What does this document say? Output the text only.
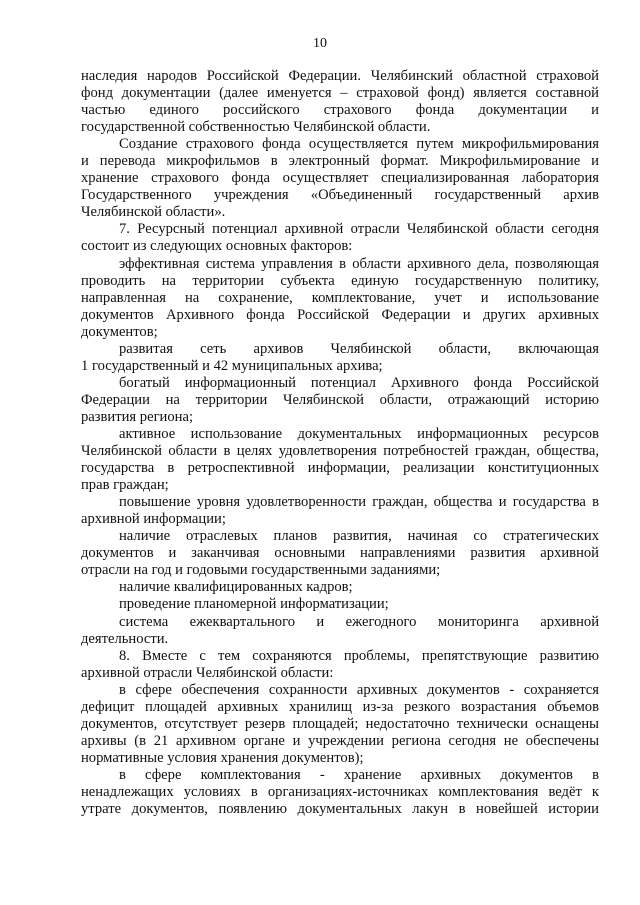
10
наследия народов Российской Федерации. Челябинский областной страховой
фонд документации (далее именуется – страховой фонд) является составной
частью единого российского страхового фонда документации и
государственной собственностью Челябинской области.
Создание страхового фонда осуществляется путем микрофильмирования
и перевода микрофильмов в электронный формат. Микрофильмирование и
хранение страхового фонда осуществляет специализированная лаборатория
Государственного учреждения «Объединенный государственный архив
Челябинской области».
7. Ресурсный потенциал архивной отрасли Челябинской области сегодня
состоит из следующих основных факторов:
эффективная система управления в области архивного дела, позволяющая
проводить на территории субъекта единую государственную политику,
направленная на сохранение, комплектование, учет и использование
документов Архивного фонда Российской Федерации и других архивных
документов;
развитая сеть архивов Челябинской области, включающая
1 государственный и 42 муниципальных архива;
богатый информационный потенциал Архивного фонда Российской
Федерации на территории Челябинской области, отражающий историю
развития региона;
активное использование документальных информационных ресурсов
Челябинской области в целях удовлетворения потребностей граждан, общества,
государства в ретроспективной информации, реализации конституционных
прав граждан;
повышение уровня удовлетворенности граждан, общества и государства в
архивной информации;
наличие отраслевых планов развития, начиная со стратегических
документов и заканчивая основными направлениями развития архивной
отрасли на год и годовыми государственными заданиями;
наличие квалифицированных кадров;
проведение планомерной информатизации;
система ежеквартального и ежегодного мониторинга архивной
деятельности.
8. Вместе с тем сохраняются проблемы, препятствующие развитию
архивной отрасли Челябинской области:
в сфере обеспечения сохранности архивных документов - сохраняется
дефицит площадей архивных хранилищ из-за резкого возрастания объемов
документов, отсутствует резерв площадей; недостаточно технически оснащены
архивы (в 21 архивном органе и учреждении региона сегодня не обеспечены
нормативные условия хранения документов);
в сфере комплектования - хранение архивных документов в
ненадлежащих условиях в организациях-источниках комплектования ведёт к
утрате документов, появлению документальных лакун в новейшей истории
